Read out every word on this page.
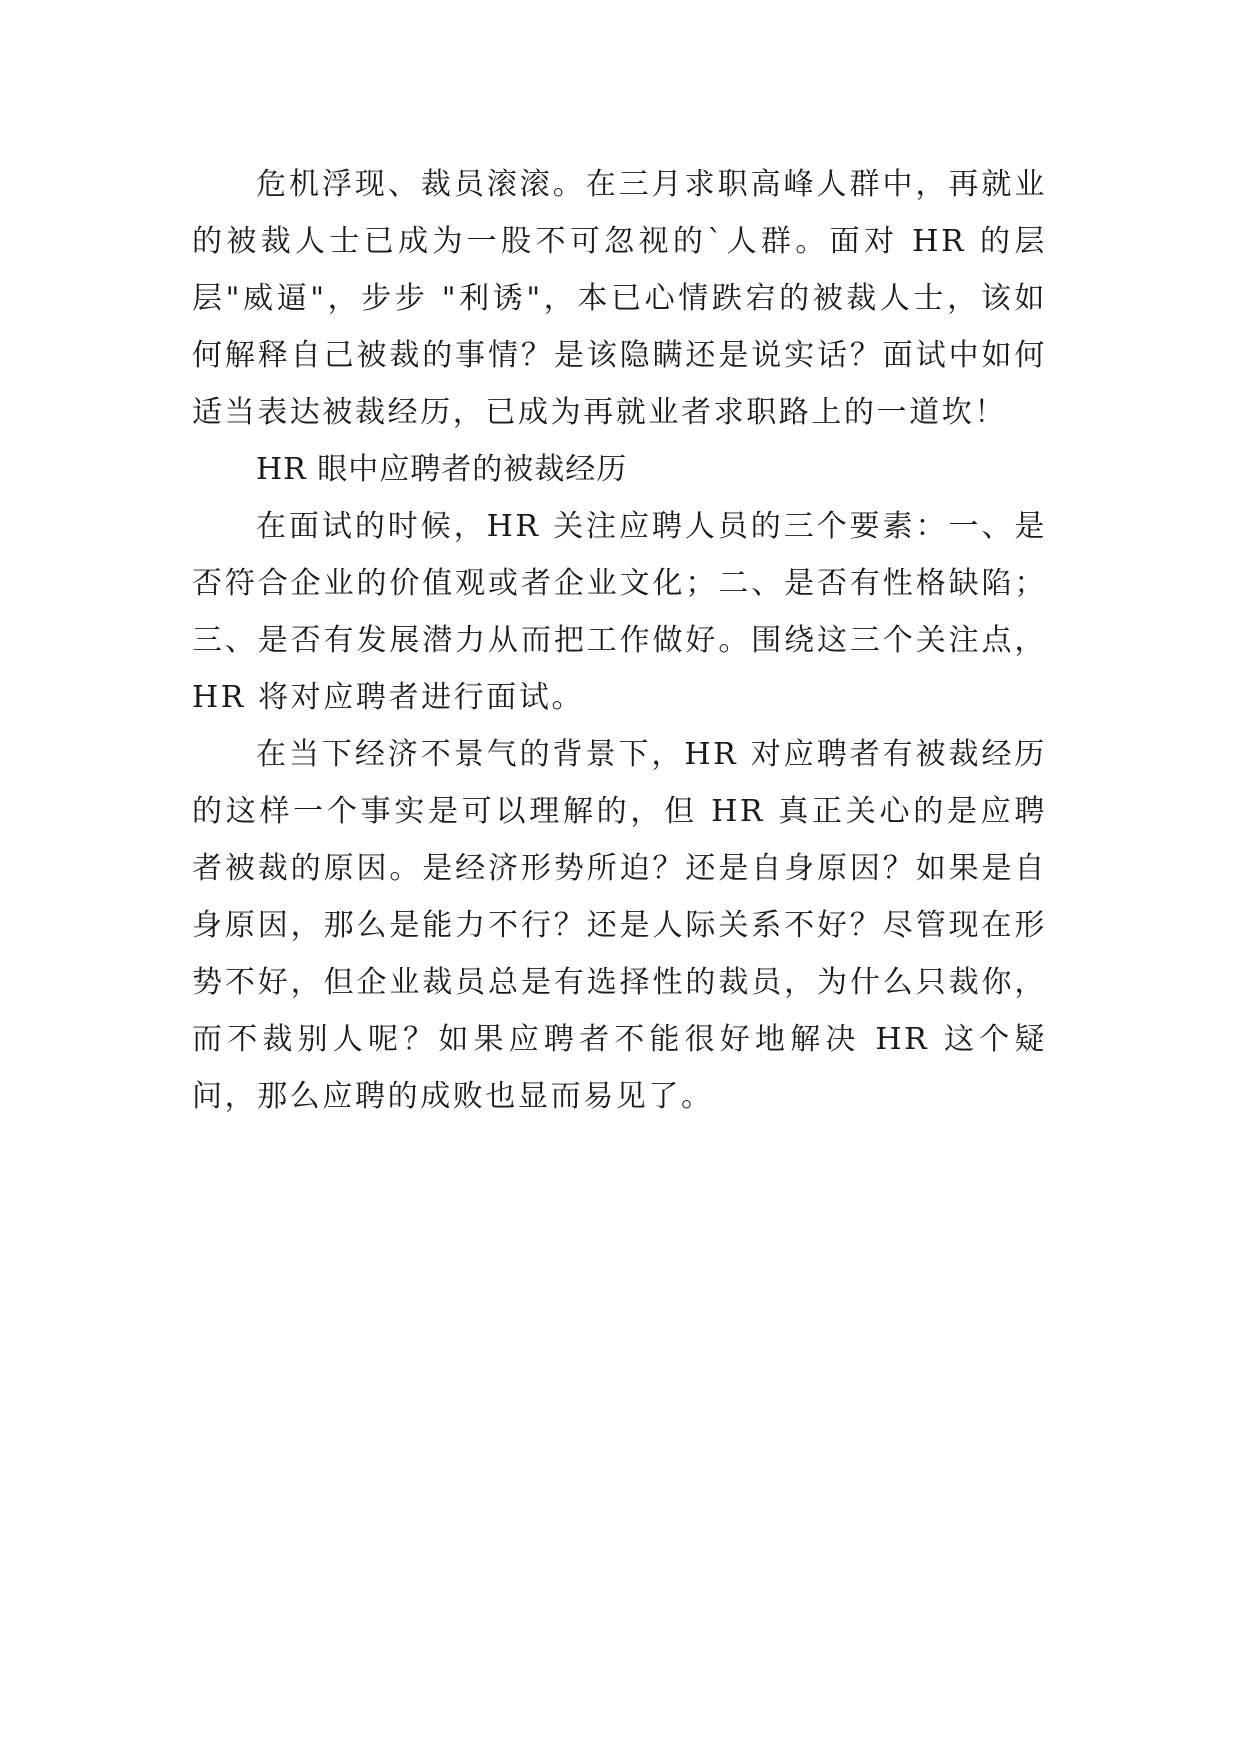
危机浮现、裁员滚滚。在三月求职高峰人群中，再就业的被裁人士已成为一股不可忽视的`人群。面对 HR 的层层"威逼"，步步 "利诱"，本已心情跌宕的被裁人士，该如何解释自己被裁的事情？是该隐瞒还是说实话？面试中如何适当表达被裁经历，已成为再就业者求职路上的一道坎！

HR 眼中应聘者的被裁经历

在面试的时候，HR 关注应聘人员的三个要素：一、是否符合企业的价值观或者企业文化；二、是否有性格缺陷；三、是否有发展潜力从而把工作做好。围绕这三个关注点，HR 将对应聘者进行面试。

在当下经济不景气的背景下，HR 对应聘者有被裁经历的这样一个事实是可以理解的，但 HR 真正关心的是应聘者被裁的原因。是经济形势所迫？还是自身原因？如果是自身原因，那么是能力不行？还是人际关系不好？尽管现在形势不好，但企业裁员总是有选择性的裁员，为什么只裁你，而不裁别人呢？如果应聘者不能很好地解决 HR 这个疑问，那么应聘的成败也显而易见了。
